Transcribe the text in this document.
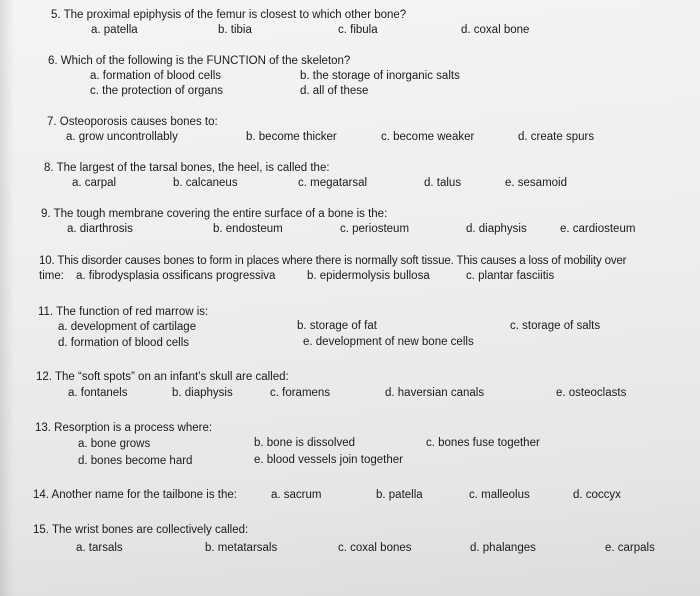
5. The proximal epiphysis of the femur is closest to which other bone?
a. patella	b. tibia	c. fibula	d. coxal bone
6. Which of the following is the FUNCTION of the skeleton?
a. formation of blood cells	b. the storage of inorganic salts
c. the protection of organs	d. all of these
7. Osteoporosis causes bones to:
a. grow uncontrollably	b. become thicker	c. become weaker	d. create spurs
8. The largest of the tarsal bones, the heel, is called the:
a. carpal	b. calcaneus	c. megatarsal	d. talus	e. sesamoid
9. The tough membrane covering the entire surface of a bone is the:
a. diarthrosis	b. endosteum	c. periosteum	d. diaphysis	e. cardiosteum
10. This disorder causes bones to form in places where there is normally soft tissue. This causes a loss of mobility over
time: a. fibrodysplasia ossificans progressiva	b. epidermolysis bullosa	c. plantar fasciitis
11. The function of red marrow is:
a. development of cartilage	b. storage of fat	c. storage of salts
d. formation of blood cells	e. development of new bone cells
12. The “soft spots” on an infant’s skull are called:
a. fontanels	b. diaphysis	c. foramens	d. haversian canals	e. osteoclasts
13. Resorption is a process where:
a. bone grows	b. bone is dissolved	c. bones fuse together
d. bones become hard	e. blood vessels join together
14. Another name for the tailbone is the:	a. sacrum	b. patella	c. malleolus	d. coccyx
15. The wrist bones are collectively called:
a. tarsals	b. metatarsals	c. coxal bones	d. phalanges	e. carpals
